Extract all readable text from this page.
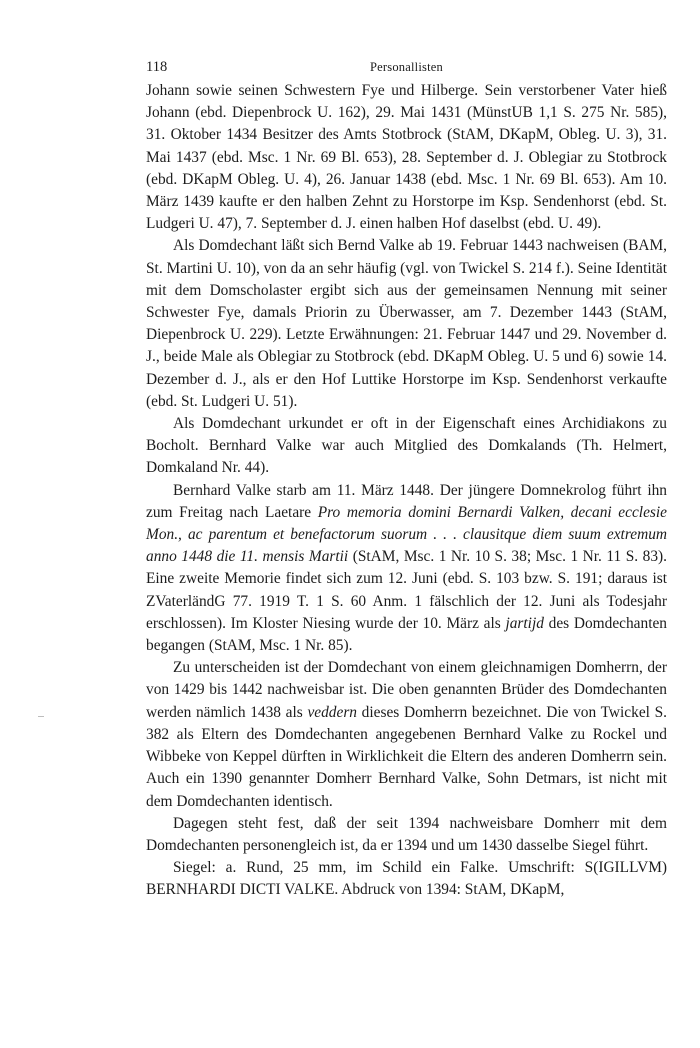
118	Personallisten

Johann sowie seinen Schwestern Fye und Hilberge. Sein verstorbener Vater hieß Johann (ebd. Diepenbrock U. 162), 29. Mai 1431 (MünstUB 1,1 S. 275 Nr. 585), 31. Oktober 1434 Besitzer des Amts Stotbrock (StAM, DKapM, Obleg. U. 3), 31. Mai 1437 (ebd. Msc. 1 Nr. 69 Bl. 653), 28. September d. J. Oblegiar zu Stotbrock (ebd. DKapM Obleg. U. 4), 26. Januar 1438 (ebd. Msc. 1 Nr. 69 Bl. 653). Am 10. März 1439 kaufte er den halben Zehnt zu Horstorpe im Ksp. Sendenhorst (ebd. St. Ludgeri U. 47), 7. September d. J. einen halben Hof daselbst (ebd. U. 49).

Als Domdechant läßt sich Bernd Valke ab 19. Februar 1443 nachweisen (BAM, St. Martini U. 10), von da an sehr häufig (vgl. von Twickel S. 214 f.). Seine Identität mit dem Domscholaster ergibt sich aus der gemeinsamen Nennung mit seiner Schwester Fye, damals Priorin zu Überwasser, am 7. Dezember 1443 (StAM, Diepenbrock U. 229). Letzte Erwähnungen: 21. Februar 1447 und 29. November d. J., beide Male als Oblegiar zu Stotbrock (ebd. DKapM Obleg. U. 5 und 6) sowie 14. Dezember d. J., als er den Hof Luttike Horstorpe im Ksp. Sendenhorst verkaufte (ebd. St. Ludgeri U. 51).

Als Domdechant urkundet er oft in der Eigenschaft eines Archidiakons zu Bocholt. Bernhard Valke war auch Mitglied des Domkalands (Th. Helmert, Domkaland Nr. 44).

Bernhard Valke starb am 11. März 1448. Der jüngere Domnekrolog führt ihn zum Freitag nach Laetare Pro memoria domini Bernardi Valken, decani ecclesie Mon., ac parentum et benefactorum suorum . . . clausitque diem suum extremum anno 1448 die 11. mensis Martii (StAM, Msc. 1 Nr. 10 S. 38; Msc. 1 Nr. 11 S. 83). Eine zweite Memorie findet sich zum 12. Juni (ebd. S. 103 bzw. S. 191; daraus ist ZVaterländG 77. 1919 T. 1 S. 60 Anm. 1 fälschlich der 12. Juni als Todesjahr erschlossen). Im Kloster Niesing wurde der 10. März als jartijd des Domdechanten begangen (StAM, Msc. 1 Nr. 85).

Zu unterscheiden ist der Domdechant von einem gleichnamigen Domherrn, der von 1429 bis 1442 nachweisbar ist. Die oben genannten Brüder des Domdechanten werden nämlich 1438 als veddern dieses Domherrn bezeichnet. Die von Twickel S. 382 als Eltern des Domdechanten angegebenen Bernhard Valke zu Rockel und Wibbeke von Keppel dürften in Wirklichkeit die Eltern des anderen Domherrn sein. Auch ein 1390 genannter Domherr Bernhard Valke, Sohn Detmars, ist nicht mit dem Domdechanten identisch.

Dagegen steht fest, daß der seit 1394 nachweisbare Domherr mit dem Domdechanten personengleich ist, da er 1394 und um 1430 dasselbe Siegel führt.

Siegel: a. Rund, 25 mm, im Schild ein Falke. Umschrift: S(IGILLVM) BERNHARDI DICTI VALKE. Abdruck von 1394: StAM, DKapM,
